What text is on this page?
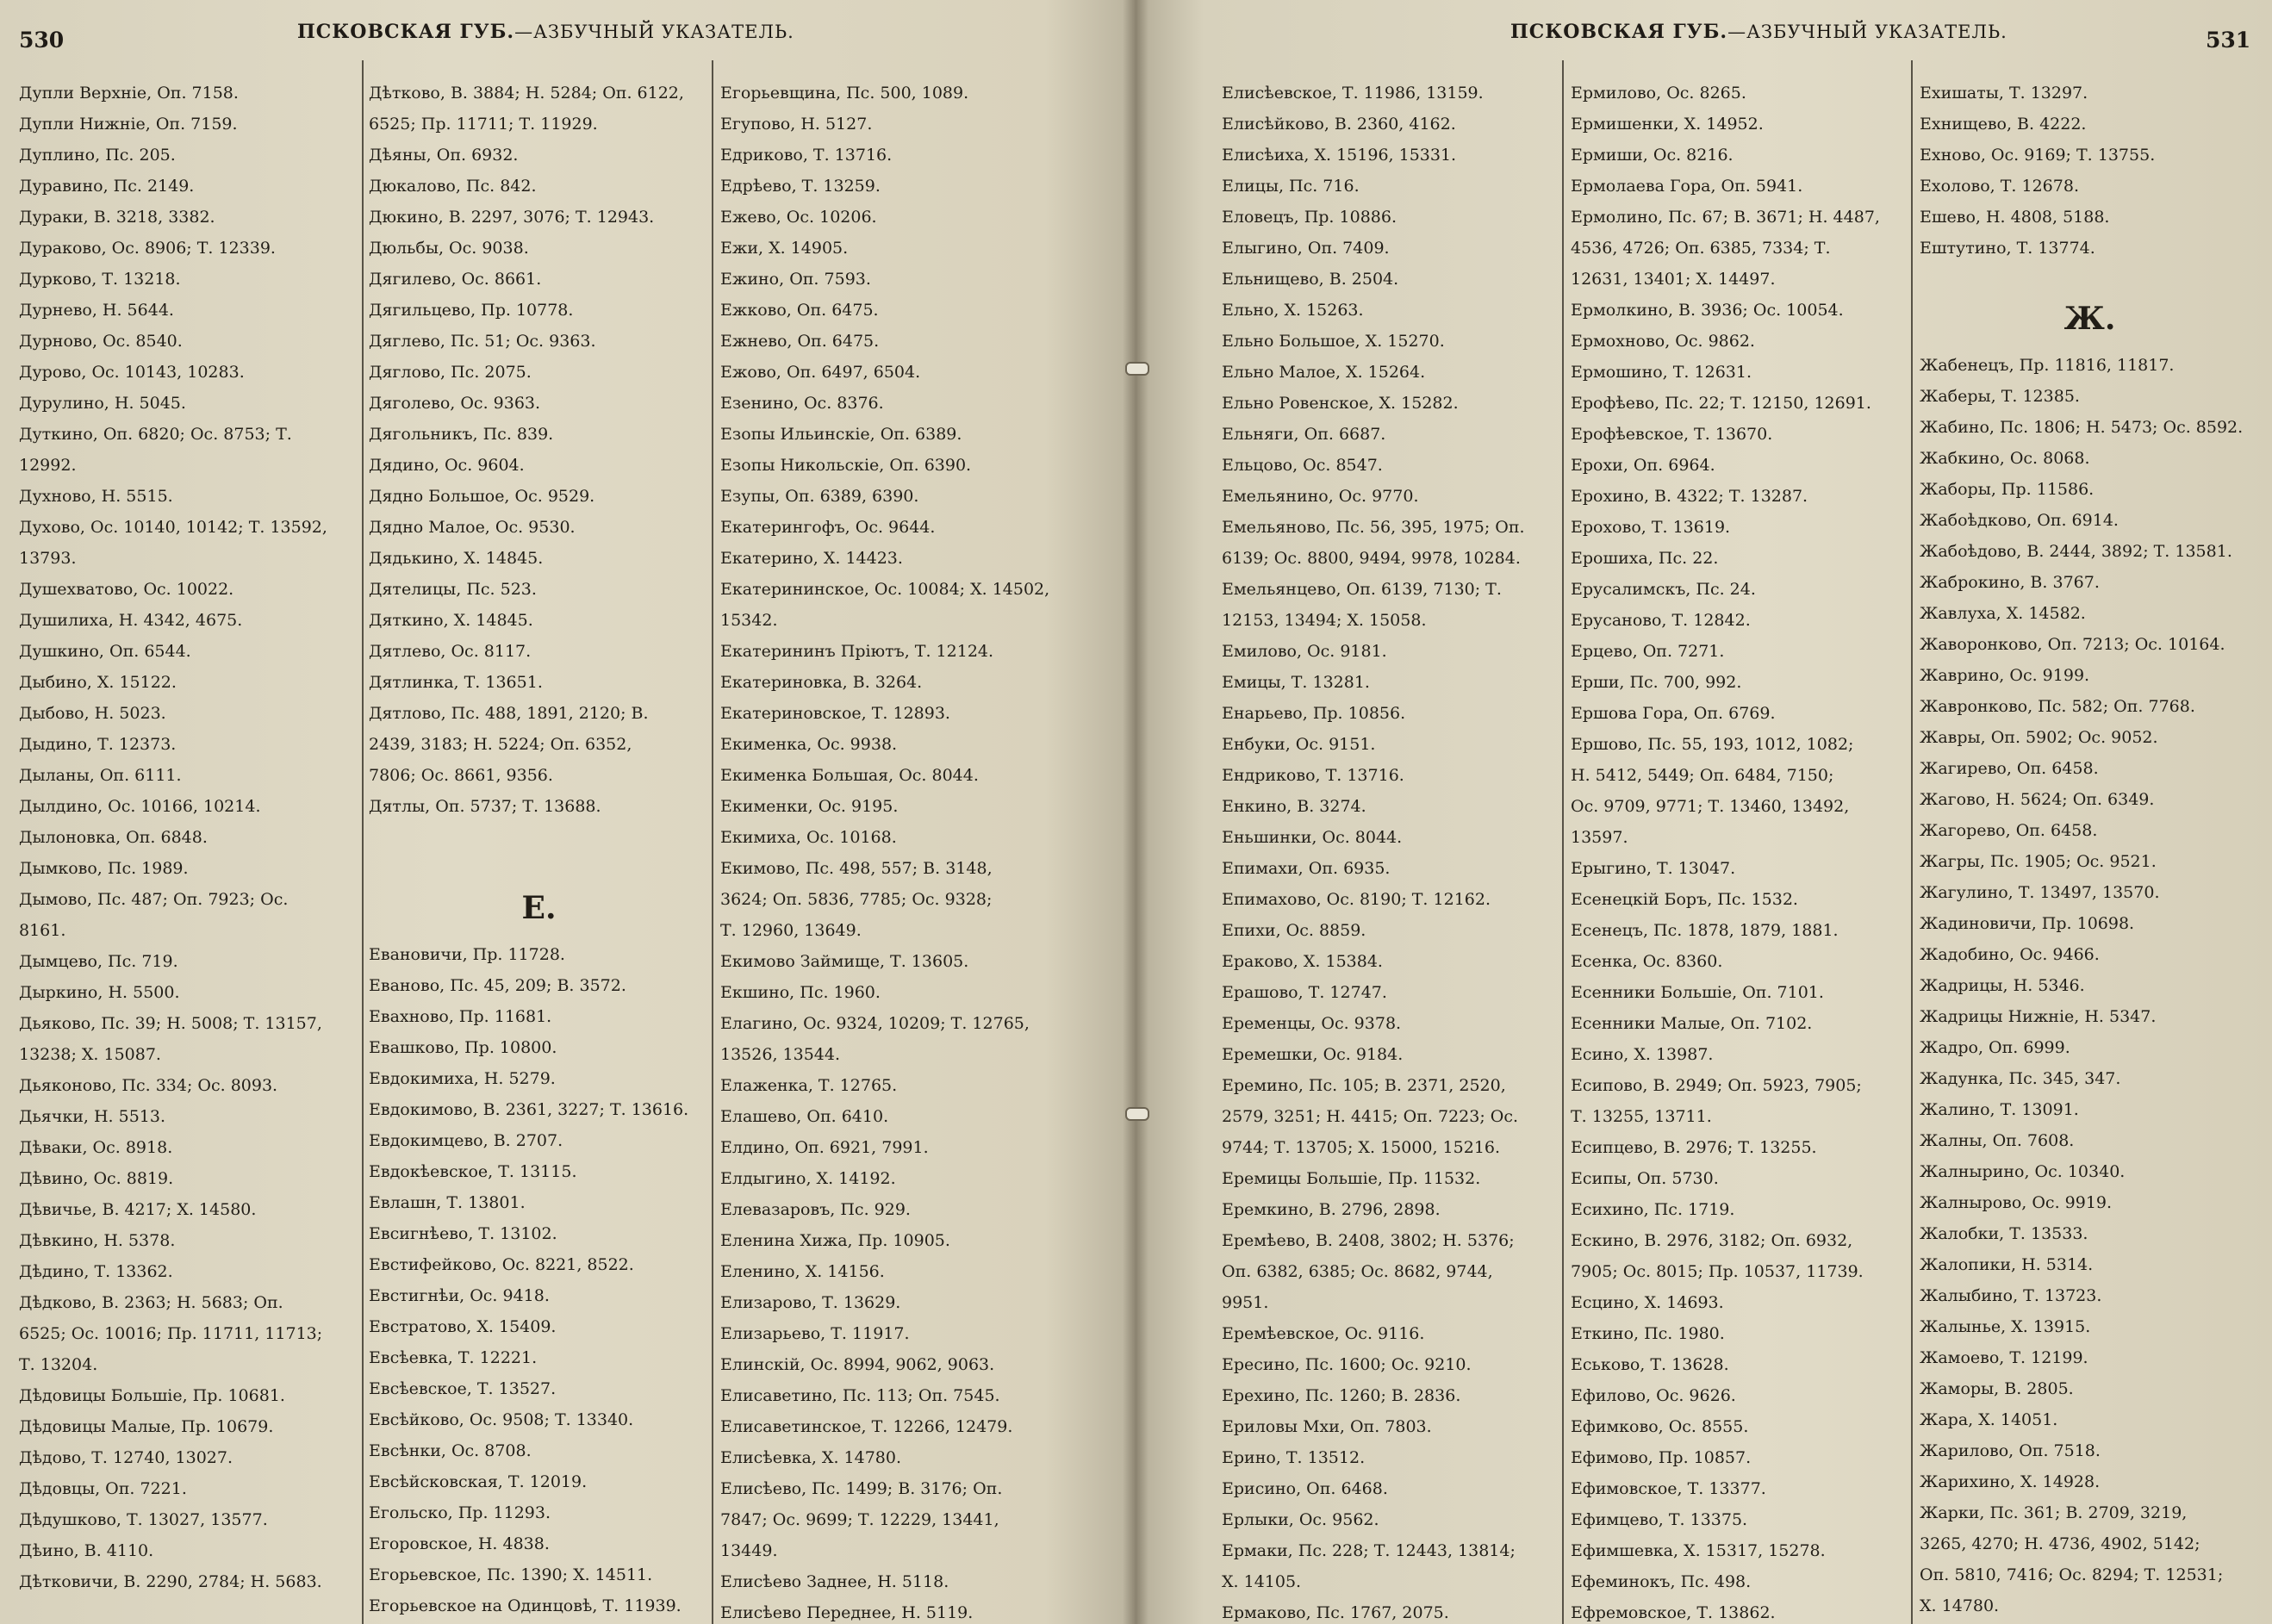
530	ПСКОВСКАЯ ГУБ.—АЗБУЧНЫЙ УКАЗАТЕЛЬ.
Дупли Верхніе, Оп. 7158.
Дупли Нижніе, Оп. 7159.
Дуплино, Пс. 205.
Дуравино, Пс. 2149.
Дураки, В. 3218, 3382.
Дураково, Ос. 8906; Т. 12339.
Дурково, Т. 13218.
Дурнево, Н. 5644.
Дурново, Ос. 8540.
Дурово, Ос. 10143, 10283.
Дурулино, Н. 5045.
Дуткино, Оп. 6820; Ос. 8753; Т.
12992.
Духново, Н. 5515.
Духово, Ос. 10140, 10142; Т. 13592,
13793.
Душехватово, Ос. 10022.
Душилиха, Н. 4342, 4675.
Душкино, Оп. 6544.
Дыбино, Х. 15122.
Дыбово, Н. 5023.
Дыдино, Т. 12373.
Дыланы, Оп. 6111.
Дылдино, Ос. 10166, 10214.
Дылоновка, Оп. 6848.
Дымково, Пс. 1989.
Дымово, Пс. 487; Оп. 7923; Ос.
8161.
Дымцево, Пс. 719.
Дыркино, Н. 5500.
Дьяково, Пс. 39; Н. 5008; Т. 13157,
13238; Х. 15087.
Дьяконово, Пс. 334; Ос. 8093.
Дьячки, Н. 5513.
Дѣваки, Ос. 8918.
Дѣвино, Ос. 8819.
Дѣвичье, В. 4217; Х. 14580.
Дѣвкино, Н. 5378.
Дѣдино, Т. 13362.
Дѣдково, В. 2363; Н. 5683; Оп.
6525; Ос. 10016; Пр. 11711, 11713;
Т. 13204.
Дѣдовицы Большіе, Пр. 10681.
Дѣдовицы Малые, Пр. 10679.
Дѣдово, Т. 12740, 13027.
Дѣдовцы, Оп. 7221.
Дѣдушково, Т. 13027, 13577.
Дѣино, В. 4110.
Дѣтковичи, В. 2290, 2784; Н. 5683.
Дѣтково, В. 3884; Н. 5284; Оп. 6122,
6525; Пр. 11711; Т. 11929.
Дѣяны, Оп. 6932.
Дюкалово, Пс. 842.
Дюкино, В. 2297, 3076; Т. 12943.
Дюльбы, Ос. 9038.
Дягилево, Ос. 8661.
Дягильцево, Пр. 10778.
Дяглево, Пс. 51; Ос. 9363.
Дяглово, Пс. 2075.
Дяголево, Ос. 9363.
Дягольникъ, Пс. 839.
Дядино, Ос. 9604.
Дядно Большое, Ос. 9529.
Дядно Малое, Ос. 9530.
Дядькино, Х. 14845.
Дятелицы, Пс. 523.
Дяткино, Х. 14845.
Дятлево, Ос. 8117.
Дятлинка, Т. 13651.
Дятлово, Пс. 488, 1891, 2120; В.
2439, 3183; Н. 5224; Оп. 6352,
7806; Ос. 8661, 9356.
Дятлы, Оп. 5737; Т. 13688.
Е.
Евановичи, Пр. 11728.
Еваново, Пс. 45, 209; В. 3572.
Евахново, Пр. 11681.
Евашково, Пр. 10800.
Евдокимиха, Н. 5279.
Евдокимово, В. 2361, 3227; Т. 13616.
Евдокимцево, В. 2707.
Евдокѣевское, Т. 13115.
Евлашн, Т. 13801.
Евсигнѣево, Т. 13102.
Евстифейково, Ос. 8221, 8522.
Евстигнѣи, Ос. 9418.
Евстратово, Х. 15409.
Евсѣевка, Т. 12221.
Евсѣевское, Т. 13527.
Евсѣйково, Ос. 9508; Т. 13340.
Евсѣнки, Ос. 8708.
Евсѣйсковская, Т. 12019.
Егольско, Пр. 11293.
Егоровское, Н. 4838.
Егорьевское, Пс. 1390; Х. 14511.
Егорьевское на Одинцовѣ, Т. 11939.
Егорьевщина, Пс. 500, 1089.
Егупово, Н. 5127.
Едриково, Т. 13716.
Едрѣево, Т. 13259.
Ежево, Ос. 10206.
Ежи, Х. 14905.
Ежино, Оп. 7593.
Ежково, Оп. 6475.
Ежнево, Оп. 6475.
Ежово, Оп. 6497, 6504.
Езенино, Ос. 8376.
Езопы Ильинскіе, Оп. 6389.
Езопы Никольскіе, Оп. 6390.
Езупы, Оп. 6389, 6390.
Екатерингофъ, Ос. 9644.
Екатерино, Х. 14423.
Екатерининское, Ос. 10084; Х. 14502,
15342.
Екатерининъ Пріютъ, Т. 12124.
Екатериновка, В. 3264.
Екатериновское, Т. 12893.
Екименка, Ос. 9938.
Екименка Большая, Ос. 8044.
Екименки, Ос. 9195.
Екимиха, Ос. 10168.
Екимово, Пс. 498, 557; В. 3148,
3624; Оп. 5836, 7785; Ос. 9328;
Т. 12960, 13649.
Екимово Займище, Т. 13605.
Екшино, Пс. 1960.
Елагино, Ос. 9324, 10209; Т. 12765,
13526, 13544.
Елаженка, Т. 12765.
Елашево, Оп. 6410.
Елдино, Оп. 6921, 7991.
Елдыгино, Х. 14192.
Елевазаровъ, Пс. 929.
Еленина Хижа, Пр. 10905.
Еленино, Х. 14156.
Елизарово, Т. 13629.
Елизарьево, Т. 11917.
Елинскій, Ос. 8994, 9062, 9063.
Елисаветино, Пс. 113; Оп. 7545.
Елисаветинское, Т. 12266, 12479.
Елисѣевка, Х. 14780.
Елисѣево, Пс. 1499; В. 3176; Оп.
7847; Ос. 9699; Т. 12229, 13441,
13449.
Елисѣево Заднее, Н. 5118.
Елисѣево Переднее, Н. 5119.
ПСКОВСКАЯ ГУБ.—АЗБУЧНЫЙ УКАЗАТЕЛЬ.	531
Елисѣевское, Т. 11986, 13159.
Елисѣйково, В. 2360, 4162.
Елисѣиха, Х. 15196, 15331.
Елицы, Пс. 716.
Еловецъ, Пр. 10886.
Елыгино, Оп. 7409.
Ельнищево, В. 2504.
Ельно, Х. 15263.
Ельно Большое, Х. 15270.
Ельно Малое, Х. 15264.
Ельно Ровенское, Х. 15282.
Ельняги, Оп. 6687.
Ельцово, Ос. 8547.
Емельянино, Ос. 9770.
Емельяново, Пс. 56, 395, 1975; Оп.
6139; Ос. 8800, 9494, 9978, 10284.
Емельянцево, Оп. 6139, 7130; Т.
12153, 13494; Х. 15058.
Емилово, Ос. 9181.
Емицы, Т. 13281.
Енарьево, Пр. 10856.
Енбуки, Ос. 9151.
Ендриково, Т. 13716.
Енкино, В. 3274.
Еньшинки, Ос. 8044.
Епимахи, Оп. 6935.
Епимахово, Ос. 8190; Т. 12162.
Епихи, Ос. 8859.
Ераково, Х. 15384.
Ерашово, Т. 12747.
Еременцы, Ос. 9378.
Еремешки, Ос. 9184.
Еремино, Пс. 105; В. 2371, 2520,
2579, 3251; Н. 4415; Оп. 7223; Ос.
9744; Т. 13705; Х. 15000, 15216.
Еремицы Большіе, Пр. 11532.
Еремкино, В. 2796, 2898.
Еремѣево, В. 2408, 3802; Н. 5376;
Оп. 6382, 6385; Ос. 8682, 9744,
9951.
Еремѣевское, Ос. 9116.
Ересино, Пс. 1600; Ос. 9210.
Ерехино, Пс. 1260; В. 2836.
Ериловы Мхи, Оп. 7803.
Ерино, Т. 13512.
Ерисино, Оп. 6468.
Ерлыки, Ос. 9562.
Ермаки, Пс. 228; Т. 12443, 13814;
Х. 14105.
Ермаково, Пс. 1767, 2075.
Ермилово, Ос. 8265.
Ермишенки, Х. 14952.
Ермиши, Ос. 8216.
Ермолаева Гора, Оп. 5941.
Ермолино, Пс. 67; В. 3671; Н. 4487,
4536, 4726; Оп. 6385, 7334; Т.
12631, 13401; Х. 14497.
Ермолкино, В. 3936; Ос. 10054.
Ермохново, Ос. 9862.
Ермошино, Т. 12631.
Ерофѣево, Пс. 22; Т. 12150, 12691.
Ерофѣевское, Т. 13670.
Ерохи, Оп. 6964.
Ерохино, В. 4322; Т. 13287.
Ерохово, Т. 13619.
Ерошиха, Пс. 22.
Ерусалимскъ, Пс. 24.
Ерусаново, Т. 12842.
Ерцево, Оп. 7271.
Ерши, Пс. 700, 992.
Ершова Гора, Оп. 6769.
Ершово, Пс. 55, 193, 1012, 1082;
Н. 5412, 5449; Оп. 6484, 7150;
Ос. 9709, 9771; Т. 13460, 13492,
13597.
Ерыгино, Т. 13047.
Есенецкій Боръ, Пс. 1532.
Есенецъ, Пс. 1878, 1879, 1881.
Есенка, Ос. 8360.
Есенники Большіе, Оп. 7101.
Есенники Малые, Оп. 7102.
Есино, Х. 13987.
Есипово, В. 2949; Оп. 5923, 7905;
Т. 13255, 13711.
Есипцево, В. 2976; Т. 13255.
Есипы, Оп. 5730.
Есихино, Пс. 1719.
Ескино, В. 2976, 3182; Оп. 6932,
7905; Ос. 8015; Пр. 10537, 11739.
Есцино, Х. 14693.
Еткино, Пс. 1980.
Еськово, Т. 13628.
Ефилово, Ос. 9626.
Ефимково, Ос. 8555.
Ефимово, Пр. 10857.
Ефимовское, Т. 13377.
Ефимцево, Т. 13375.
Ефимшевка, Х. 15317, 15278.
Ефеминокъ, Пс. 498.
Ефремовское, Т. 13862.
Ехишаты, Т. 13297.
Ехнищево, В. 4222.
Ехново, Ос. 9169; Т. 13755.
Ехолово, Т. 12678.
Ешево, Н. 4808, 5188.
Ештутино, Т. 13774.
Ж.
Жабенецъ, Пр. 11816, 11817.
Жаберы, Т. 12385.
Жабино, Пс. 1806; Н. 5473; Ос. 8592.
Жабкино, Ос. 8068.
Жаборы, Пр. 11586.
Жабоѣдково, Оп. 6914.
Жабоѣдово, В. 2444, 3892; Т. 13581.
Жаброкино, В. 3767.
Жавлуха, Х. 14582.
Жаворонково, Оп. 7213; Ос. 10164.
Жаврино, Ос. 9199.
Жавронково, Пс. 582; Оп. 7768.
Жавры, Оп. 5902; Ос. 9052.
Жагирево, Оп. 6458.
Жагово, Н. 5624; Оп. 6349.
Жагорево, Оп. 6458.
Жагры, Пс. 1905; Ос. 9521.
Жагулино, Т. 13497, 13570.
Жадиновичи, Пр. 10698.
Жадобино, Ос. 9466.
Жадрицы, Н. 5346.
Жадрицы Нижніе, Н. 5347.
Жадро, Оп. 6999.
Жадунка, Пс. 345, 347.
Жалино, Т. 13091.
Жалны, Оп. 7608.
Жалнырино, Ос. 10340.
Жалнырово, Ос. 9919.
Жалобки, Т. 13533.
Жалопики, Н. 5314.
Жалыбино, Т. 13723.
Жалынье, Х. 13915.
Жамоево, Т. 12199.
Жаморы, В. 2805.
Жара, Х. 14051.
Жарилово, Оп. 7518.
Жарихино, Х. 14928.
Жарки, Пс. 361; В. 2709, 3219,
3265, 4270; Н. 4736, 4902, 5142;
Оп. 5810, 7416; Ос. 8294; Т. 12531;
Х. 14780.
